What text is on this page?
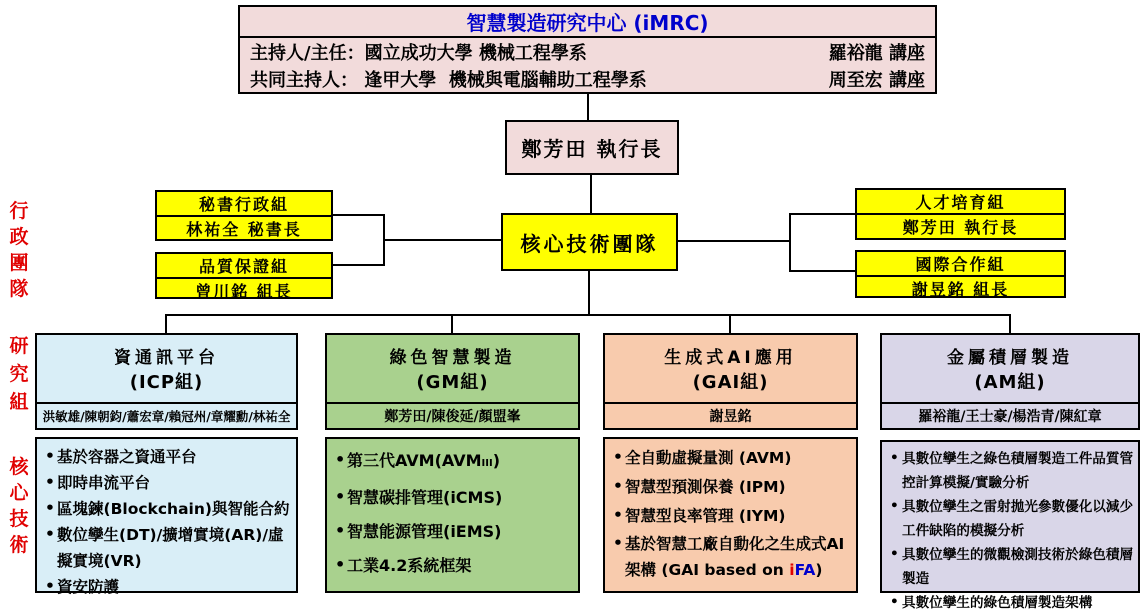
智慧製造研究中心 (iMRC)
主持人/主任：國立成功大學 機械工程學系	羅裕龍 講座
共同主持人： 逢甲大學  機械與電腦輔助工程學系	周至宏 講座
鄭芳田 執行長
核心技術團隊
行政團隊
研究組
核心技術
秘書行政組
林祐全 秘書長
品質保證組
曾川銘 組長
人才培育組
鄭芳田 執行長
國際合作組
謝昱銘 組長
資通訊平台
(ICP組)
洪敏雄/陳朝鈞/蕭宏章/賴冠州/章耀勳/林祐全
綠色智慧製造
(GM組)
鄭芳田/陳俊延/顏盟峯
生成式AI應用
(GAI組)
謝昱銘
金屬積層製造
(AM組)
羅裕龍/王士豪/楊浩青/陳紅章
• 基於容器之資通平台
• 即時串流平台
• 區塊鍊(Blockchain)與智能合約
• 數位孿生(DT)/擴增實境(AR)/虛擬實境(VR)
• 資安防護
• 第三代AVM(AVMIII)
• 智慧碳排管理(iCMS)
• 智慧能源管理(iEMS)
• 工業4.2系統框架
• 全自動虛擬量測 (AVM)
• 智慧型預測保養 (IPM)
• 智慧型良率管理 (IYM)
• 基於智慧工廠自動化之生成式AI架構 (GAI based on iFA)
• 具數位孿生之綠色積層製造工件品質管控計算模擬/實驗分析
• 具數位孿生之雷射拋光參數優化以減少工件缺陷的模擬分析
• 具數位孿生的微觀檢測技術於綠色積層製造
• 具數位孿生的綠色積層製造架構
